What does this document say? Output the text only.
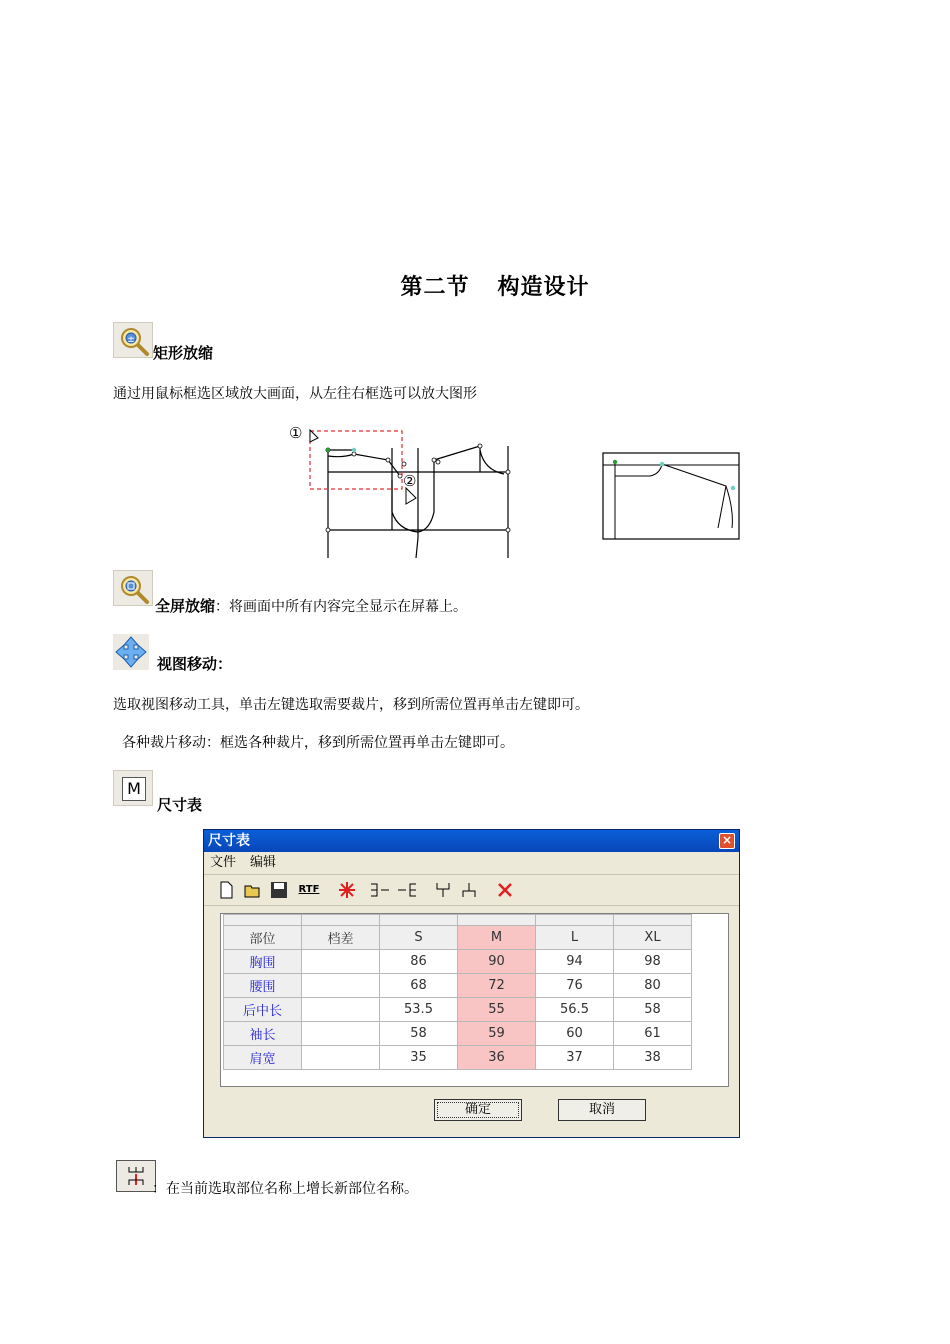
第二节 构造设计
±
矩形放缩
通过用鼠标框选区域放大画面，从左往右框选可以放大图形
①
②
全屏放缩：将画面中所有内容完全显示在屏幕上。
视图移动：
选取视图移动工具，单击左键选取需要裁片，移到所需位置再单击左键即可。
各种裁片移动：框选各种裁片，移到所需位置再单击左键即可。
M
尺寸表
尺寸表	×
文件 编辑
RTF

部位	档差	S	M	L	XL
胸围		86	90	94	98
腰围		68	72	76	80
后中长		53.5	55	56.5	58
袖长		58	59	60	61
肩宽		35	36	37	38
确定	取消
：在当前选取部位名称上增长新部位名称。
